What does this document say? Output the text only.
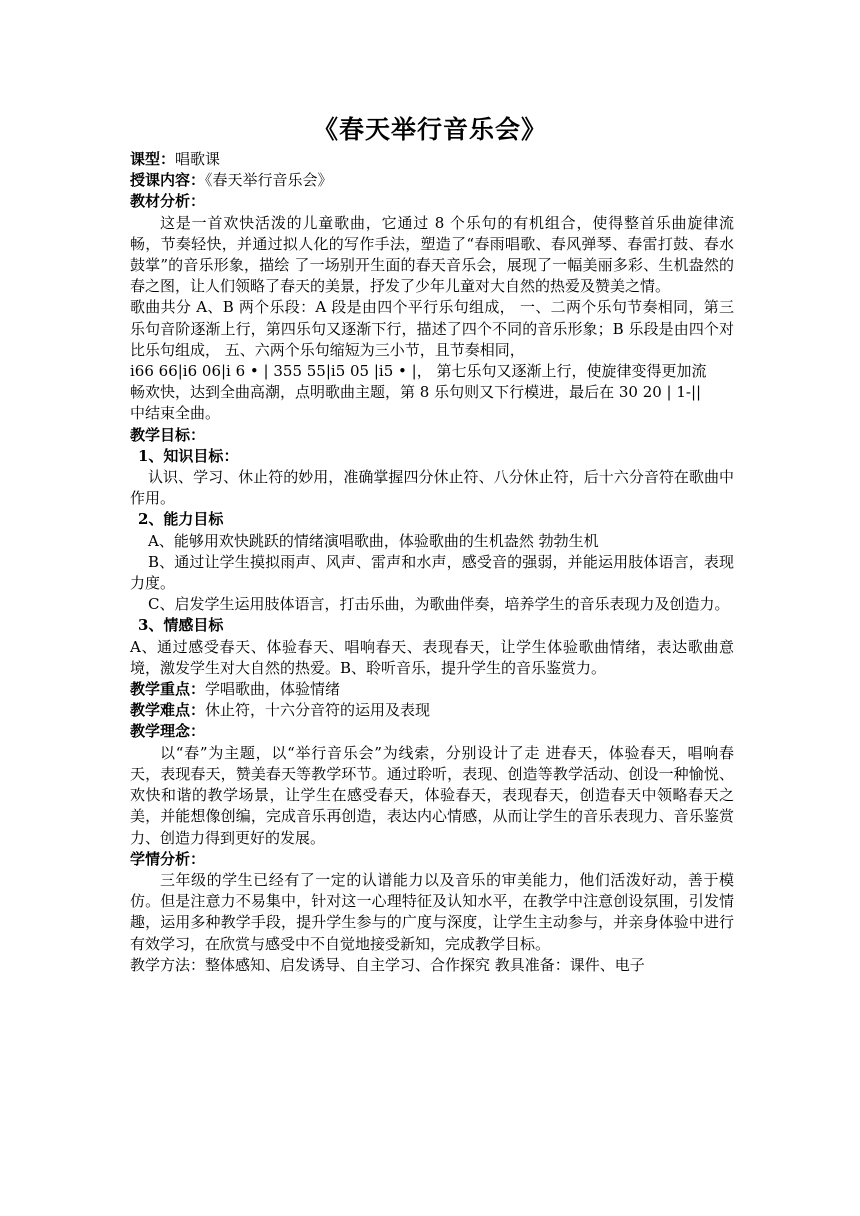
《春天举行音乐会》

课型：唱歌课

授课内容：《春天举行音乐会》

教材分析：

这是一首欢快活泼的儿童歌曲，它通过 8 个乐句的有机组合，使得整首乐曲旋律流畅，节奏轻快，并通过拟人化的写作手法，塑造了“春雨唱歌、春风弹琴、春雷打鼓、春水鼓掌”的音乐形象，描绘 了一场别开生面的春天音乐会，展现了一幅美丽多彩、生机盎然的 春之图，让人们领略了春天的美景，抒发了少年儿童对大自然的热爱及赞美之情。

歌曲共分 A、B 两个乐段：A 段是由四个平行乐句组成， 一、二两个乐句节奏相同，第三乐句音阶逐渐上行，第四乐句又逐渐下行，描述了四个不同的音乐形象；B 乐段是由四个对比乐句组成， 五、六两个乐句缩短为三小节，且节奏相同，

i66 66|i6 06|i 6 • | 355 55|i5 05 |i5 • |， 第七乐句又逐渐上行，使旋律变得更加流

畅欢快，达到全曲高潮，点明歌曲主题，第 8 乐句则又下行模进，最后在 30 20 | 1-||

中结束全曲。

教学目标：

1、知识目标：

认识、学习、休止符的妙用，准确掌握四分休止符、八分休止符，后十六分音符在歌曲中作用。

2、能力目标

A、能够用欢快跳跃的情绪演唱歌曲，体验歌曲的生机盎然 勃勃生机

B、通过让学生摸拟雨声、风声、雷声和水声，感受音的强弱，并能运用肢体语言，表现力度。

C、启发学生运用肢体语言，打击乐曲，为歌曲伴奏，培养学生的音乐表现力及创造力。

3、情感目标

A、通过感受春天、体验春天、唱响春天、表现春天，让学生体验歌曲情绪，表达歌曲意境，激发学生对大自然的热爱。B、聆听音乐，提升学生的音乐鉴赏力。

教学重点：学唱歌曲，体验情绪

教学难点：休止符，十六分音符的运用及表现

教学理念：

以“春”为主题，以“举行音乐会”为线索，分别设计了走 进春天，体验春天，唱响春天，表现春天，赞美春天等教学环节。通过聆听，表现、创造等教学活动、创设一种愉悦、欢快和谐的教学场景，让学生在感受春天，体验春天，表现春天，创造春天中领略春天之美，并能想像创编，完成音乐再创造，表达内心情感，从而让学生的音乐表现力、音乐鉴赏力、创造力得到更好的发展。

学情分析：

三年级的学生已经有了一定的认谱能力以及音乐的审美能力，他们活泼好动，善于模仿。但是注意力不易集中，针对这一心理特征及认知水平，在教学中注意创设氛围，引发情趣，运用多种教学手段，提升学生参与的广度与深度，让学生主动参与，并亲身体验中进行有效学习，在欣赏与感受中不自觉地接受新知，完成教学目标。

教学方法：整体感知、启发诱导、自主学习、合作探究 教具准备：课件、电子
